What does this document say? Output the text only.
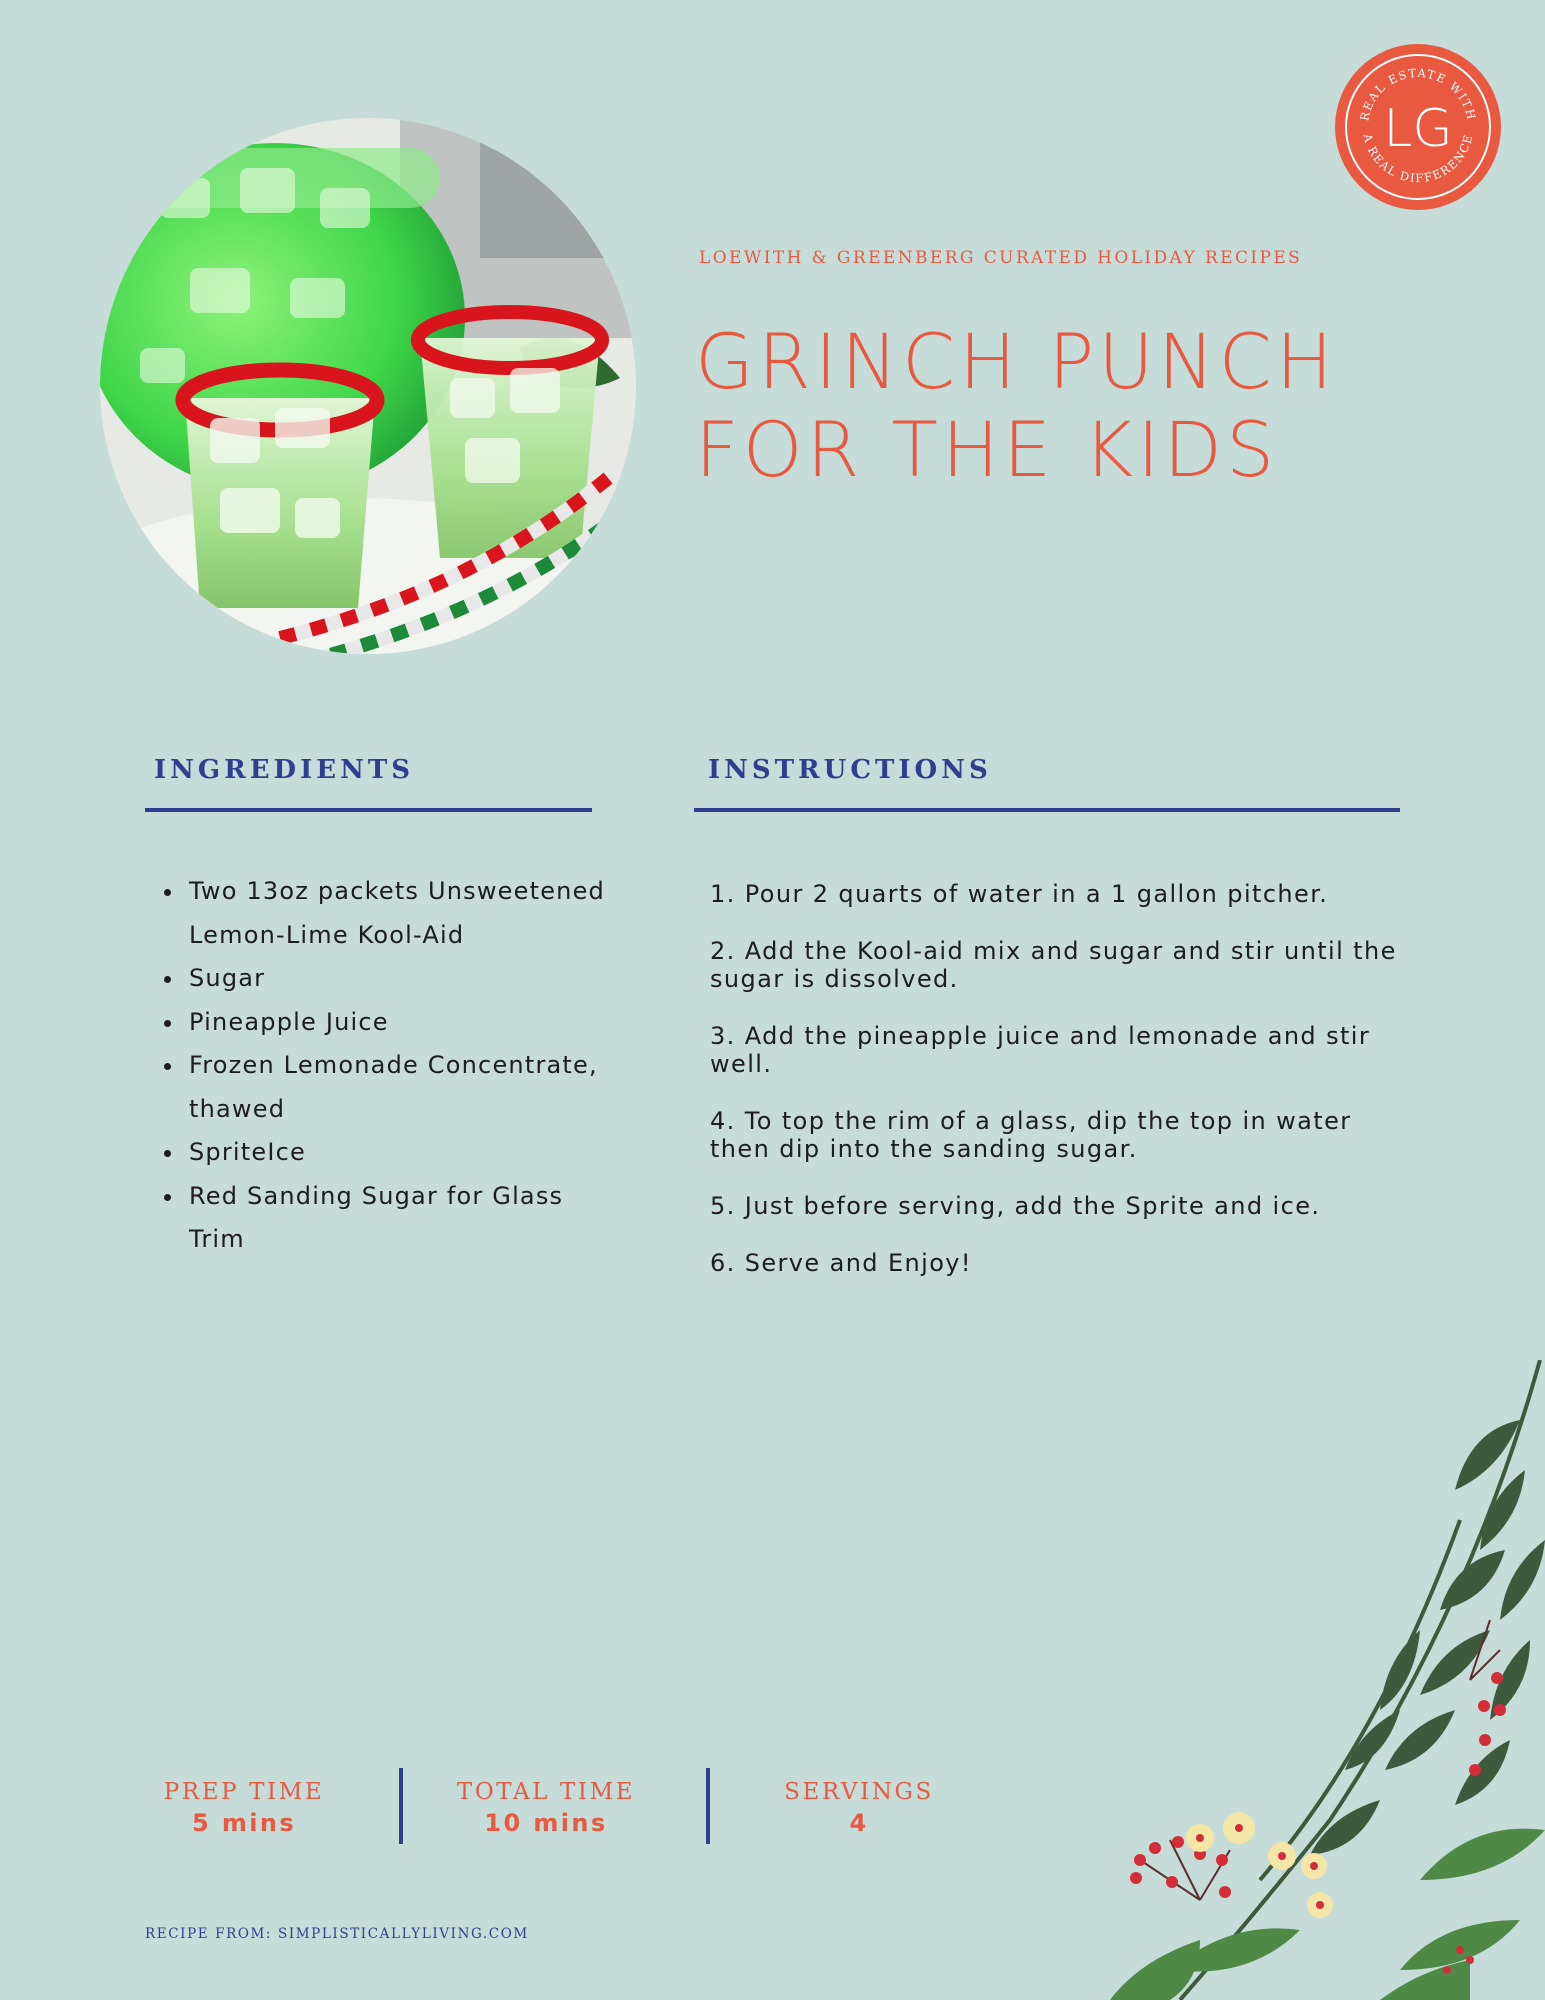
REAL ESTATE WITH
A REAL DIFFERENCE
LG
LOEWITH & GREENBERG CURATED HOLIDAY RECIPES
GRINCH PUNCH
FOR THE KIDS
INGREDIENTS
• Two 13oz packets Unsweetened Lemon-Lime Kool-Aid
• Sugar
• Pineapple Juice
• Frozen Lemonade Concentrate, thawed
• SpriteIce
• Red Sanding Sugar for Glass Trim
INSTRUCTIONS

1. Pour 2 quarts of water in a 1 gallon pitcher.

2. Add the Kool-aid mix and sugar and stir until the sugar is dissolved.

3. Add the pineapple juice and lemonade and stir well.

4. To top the rim of a glass, dip the top in water then dip into the sanding sugar.

5. Just before serving, add the Sprite and ice.

6. Serve and Enjoy!

PREP TIME
5 mins
TOTAL TIME
10 mins
SERVINGS
4
RECIPE FROM: SIMPLISTICALLYLIVING.COM
